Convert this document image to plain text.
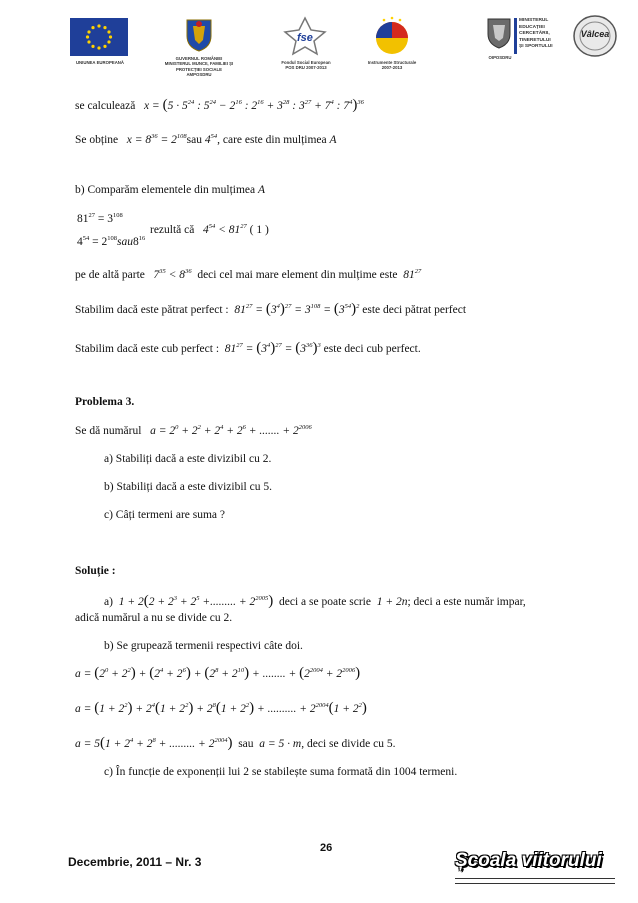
UNIUNEA EUROPEANĂ
GUVERNUL ROMÂNIEI
MINISTERUL MUNCII, FAMILIEI ȘI
PROTECȚIEI SOCIALE
AMPOSDRU
fse
Fondul Social European
POS DRU 2007-2013
Instrumente Structurale
2007-2013
OIPOSDRU
MINISTERUL
EDUCAȚIEI
CERCETĂRII,
TINERETULUI
ȘI SPORTULUI
Vâlcea
se calculează   $x = (5 \cdot 5^{24}$ : $5^{24} - 2^{16}$ : $2^{16} + 3^{28}$ : $3^{27} + 7^4$ : $7^4)^{36}$
Se obține   $x = 8^{36} = 2^{108}sau$ $4^{54}$, care este din mulțimea A
b) Comparăm elementele din mulțimea A
$81^{27} = 3^{108}$
rezultă că   $4^{54} < 81^{27}$ ( 1 )
$4^{54} = 2^{108}sau8^{16}$
pe de altă parte   $7^{35} < 8^{36}$ deci cel mai mare element din mulțime este  $81^{27}$
Stabilim dacă este pătrat perfect :  $81^{27} = (3^4)^{27} = 3^{108} = (3^{54})^2$ este deci pătrat perfect
Stabilim dacă este cub perfect :  $81^{27} = (3^4)^{27} = (3^{36})^3$ este deci cub perfect.
Problema 3.
Se dă numărul   $a = 2^0 + 2^2 + 2^4 + 2^6$ + ....... + $2^{2006}$
a) Stabiliți dacă a este divizibil cu 2.
b) Stabiliți dacă a este divizibil cu 5.
c) Câți termeni are suma ?
Soluție :
a)  $1 + 2(2 + 2^3 + 2^5$ +......... + $2^{2005}$) deci a se poate scrie  1 + 2n; deci a este număr impar,
adică numărul a nu se divide cu 2.
b) Se grupează termenii respectivi câte doi.
$a = (2^0 + 2^2) + (2^4 + 2^6) + (2^8 + 2^{10})$ + ........ + $(2^{2004} + 2^{2006})$
$a = (1 + 2^2) + 2^4(1 + 2^2) + 2^8(1 + 2^2)$ + .......... + $2^{2004}(1 + 2^2)$
$a = 5(1 + 2^4 + 2^8$ + ......... + $2^{2004}$) sau  a = 5 · m, deci se divide cu 5.
c) În funcție de exponenții lui 2 se stabilește suma formată din 1004 termeni.
26
Decembrie, 2011 – Nr. 3	Școala viitorului
